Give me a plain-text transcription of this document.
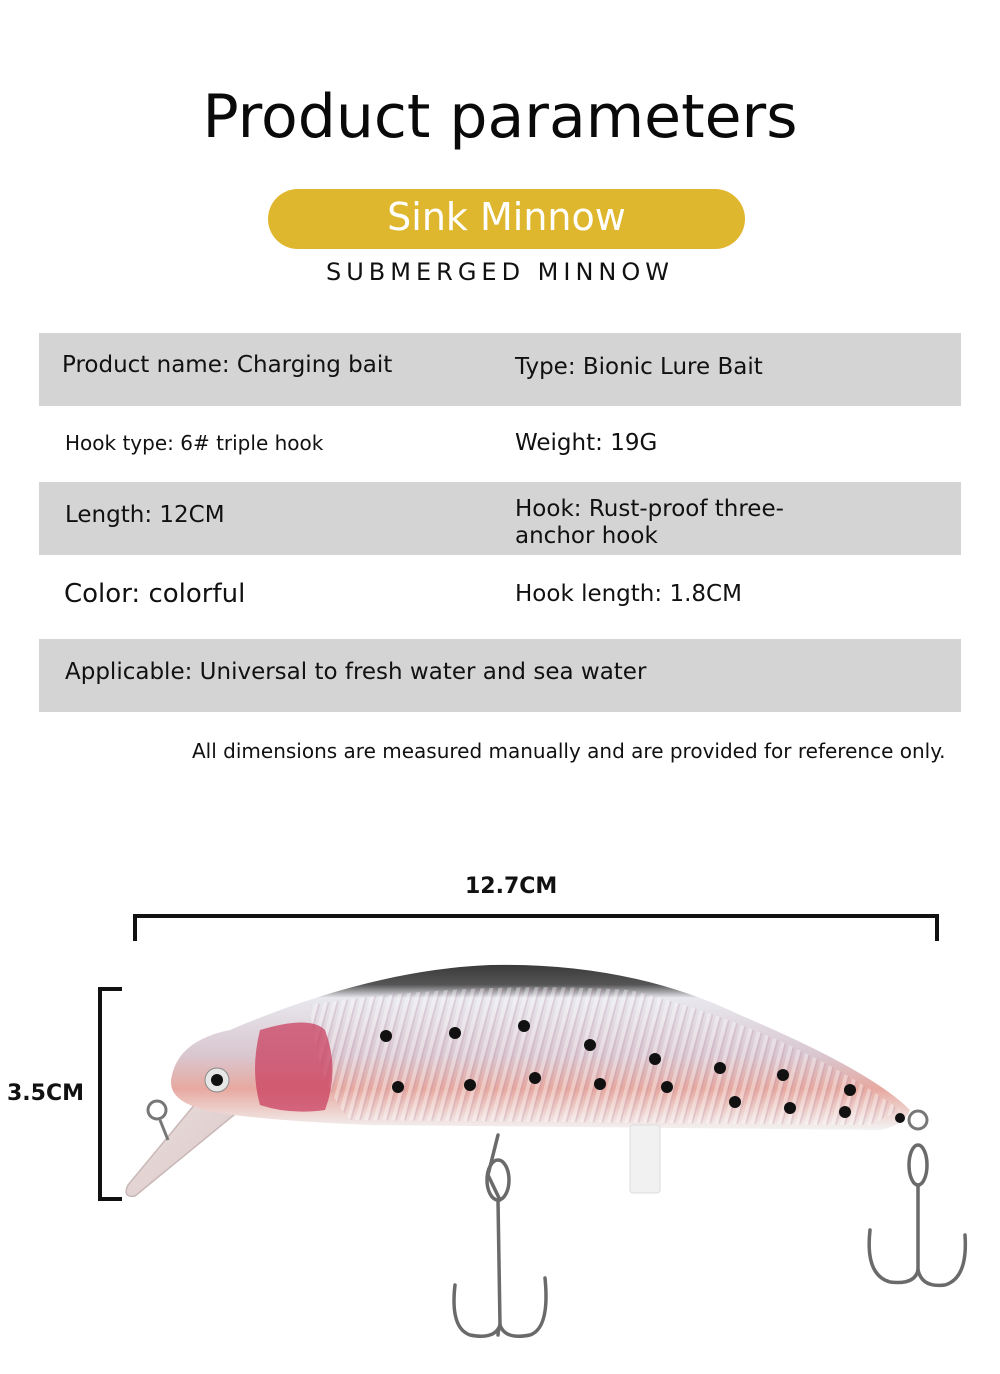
Product parameters
Sink Minnow
SUBMERGED MINNOW
Product name: Charging bait	Type: Bionic Lure Bait
Hook type: 6# triple hook	Weight: 19G
Length: 12CM	Hook: Rust-proof three-
anchor hook
Color: colorful	Hook length: 1.8CM
Applicable: Universal to fresh water and sea water
All dimensions are measured manually and are provided for reference only.
12.7CM
3.5CM
